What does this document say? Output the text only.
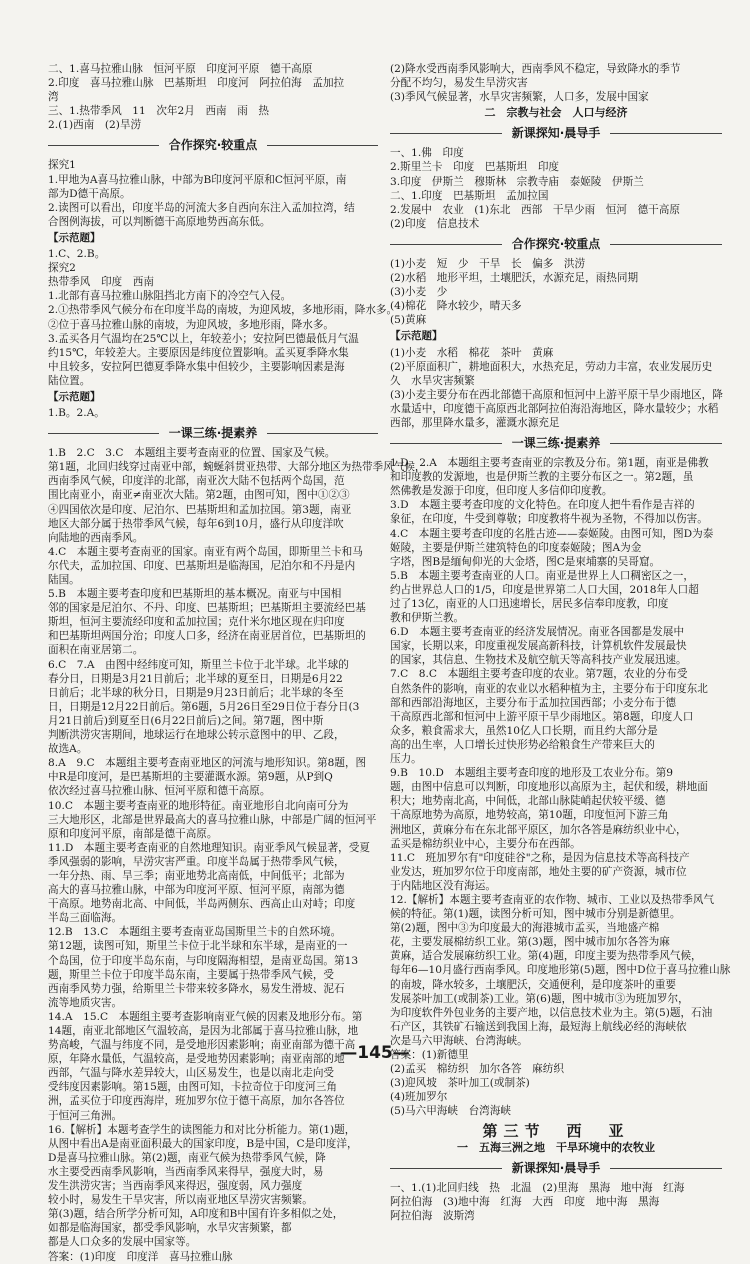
二、1.喜马拉雅山脉　恒河平原　印度河平原　德干高原
2.印度　喜马拉雅山脉　巴基斯坦　印度河　阿拉伯海　孟加拉
湾
三、1.热带季风　11　次年2月　西南　雨　热
2.(1)西南　(2)旱涝
合作探究·较重点
探究1
1.甲地为A喜马拉雅山脉，中部为B印度河平原和C恒河平原，南
部为D德干高原。
2.读图可以看出，印度半岛的河流大多自西向东注入孟加拉湾，结
合图例海拔，可以判断德干高原地势西高东低。
【示范题】
1.C、2.B。
探究2
热带季风　印度　西南
1.北部有喜马拉雅山脉阻挡北方南下的冷空气入侵。
2.①热带季风气候分布在印度半岛的南坡，为迎风坡，多地形雨，降水多。
②位于喜马拉雅山脉的南坡，为迎风坡，多地形雨，降水多。
3.孟买各月气温均在25℃以上，年较差小；安拉阿巴德最低月气温
约15℃，年较差大。主要原因是纬度位置影响。孟买夏季降水集
中且较多，安拉阿巴德夏季降水集中但较少，主要影响因素是海
陆位置。
【示范题】
1.B。2.A。
一课三练·提素养
1.B　2.C　3.C　本题组主要考查南亚的位置、国家及气候。
第1题，北回归线穿过南亚中部，蜿蜒斜贯亚热带、大部分地区为热带季风气候，
西南季风气候，印度洋的北部，南亚次大陆不包括两个岛国，范
围比南亚小，南亚≠南亚次大陆。第2题，由图可知，图中①②③
④四国依次是印度、尼泊尔、巴基斯坦和孟加拉国。第3题，南亚
地区大部分属于热带季风气候，每年6到10月，盛行从印度洋吹
向陆地的西南季风。
4.C　本题主要考查南亚的国家。南亚有两个岛国，即斯里兰卡和马
尔代夫，孟加拉国、印度、巴基斯坦是临海国，尼泊尔和不丹是内
陆国。
5.B　本题主要考查印度和巴基斯坦的基本概况。南亚与中国相
邻的国家是尼泊尔、不丹、印度、巴基斯坦；巴基斯坦主要流经巴基
斯坦，恒河主要流经印度和孟加拉国；克什米尔地区现在归印度
和巴基斯坦两国分治；印度人口多，经济在南亚居首位，巴基斯坦的
面积在南亚居第二。
6.C　7.A　由图中经纬度可知，斯里兰卡位于北半球。北半球的
春分日，日期是3月21日前后；北半球的夏至日，日期是6月22
日前后；北半球的秋分日，日期是9月23日前后；北半球的冬至
日，日期是12月22日前后。第6题，5月26日至29日位于春分日(3
月21日前后)到夏至日(6月22日前后)之间。第7题，图中斯
判断洪涝灾害期间，地球运行在地球公转示意图中的甲、乙段，
故选A。
8.A　9.C　本题组主要考查南亚地区的河流与地形知识。第8题，图
中R是印度河，是巴基斯坦的主要灌溉水源。第9题，从P到Q
依次经过喜马拉雅山脉、恒河平原和德干高原。
10.C　本题主要考查南亚的地形特征。南亚地形自北向南可分为
三大地形区，北部是世界最高大的喜马拉雅山脉，中部是广阔的恒河平
原和印度河平原，南部是德干高原。
11.D　本题主要考查南亚的自然地理知识。南亚季风气候显著，受夏
季风强弱的影响，早涝灾害严重。印度半岛属于热带季风气候，
一年分热、雨、旱三季；南亚地势北高南低，中间低平；北部为
高大的喜马拉雅山脉，中部为印度河平原、恒河平原，南部为德
干高原。地势南北高、中间低，半岛两侧东、西高止山对峙；印度
半岛三面临海。
12.B　13.C　本题组主要考查南亚岛国斯里兰卡的自然环境。
第12题，读图可知，斯里兰卡位于北半球和东半球，是南亚的一
个岛国，位于印度半岛东南，与印度隔海相望，是南亚岛国。第13
题，斯里兰卡位于印度半岛东南，主要属于热带季风气候，受
西南季风势力强，给斯里兰卡带来较多降水，易发生滑坡、泥石
流等地质灾害。
14.A　15.C　本题组主要考查影响南亚气候的因素及地形分布。第
14题，南亚北部地区气温较高，是因为北部属于喜马拉雅山脉，地
势高峻，气温与纬度不同，是受地形因素影响；南亚南部为德干高
原，年降水量低，气温较高，是受地势因素影响；南亚南部的地
西部，气温与降水差异较大，山区易发生，也是以南北走向受
受纬度因素影响。第15题，由图可知，卡拉奇位于印度河三角
洲，孟买位于印度西海岸，班加罗尔位于德干高原，加尔各答位
于恒河三角洲。
16.【解析】本题考查学生的读图能力和对比分析能力。第(1)题，
从图中看出A是南亚面积最大的国家印度，B是中国，C是印度洋，
D是喜马拉雅山脉。第(2)题，南亚气候为热带季风气候，降
水主要受西南季风影响，当西南季风来得早，强度大时，易
发生洪涝灾害；当西南季风来得迟，强度弱，风力强度
较小时，易发生干旱灾害，所以南亚地区旱涝灾害频繁。
第(3)题，结合所学分析可知，A印度和B中国有许多相似之处，
如都是临海国家，都受季风影响，水旱灾害频繁，都
都是人口众多的发展中国家等。
答案：(1)印度　印度洋　喜马拉雅山脉
(2)降水受西南季风影响大，西南季风不稳定，导致降水的季节
分配不均匀，易发生旱涝灾害
(3)季风气候显著，水旱灾害频繁，人口多，发展中国家
二　宗教与社会　人口与经济
新课探知·晨导手
一、1.佛　印度
2.斯里兰卡　印度　巴基斯坦　印度
3.印度　伊斯兰　穆斯林　宗教寺庙　泰姬陵　伊斯兰
二、1.印度　巴基斯坦　孟加拉国
2.发展中　农业　(1)东北　西部　干旱少雨　恒河　德干高原
(2)印度　信息技术
合作探究·较重点
(1)小麦　短　少　干旱　长　偏多　洪涝
(2)水稻　地形平坦，土壤肥沃，水源充足，雨热同期
(3)小麦　少
(4)棉花　降水较少，晴天多
(5)黄麻
【示范题】
(1)小麦　水稻　棉花　茶叶　黄麻
(2)平原面积广，耕地面积大，水热充足，劳动力丰富，农业发展历史
久　水旱灾害频繁
(3)小麦主要分布在西北部德干高原和恒河中上游平原干旱少雨地区，降
水量适中，印度德干高原西北部阿拉伯海沿海地区，降水量较少；水稻
西部，那里降水量多，灌溉水源充足
一课三练·提素养
1.D　2.A　本题组主要考查南亚的宗教及分布。第1题，南亚是佛教
和印度教的发源地，也是伊斯兰教的主要分布区之一。第2题，虽
然佛教是发源于印度，但印度人多信仰印度教。
3.D　本题主要考查印度的文化特色。在印度人把牛看作是吉祥的
象征，在印度，牛受到尊敬；印度教将牛视为圣物，不得加以伤害。
4.C　本题主要考查印度的名胜古迹——泰姬陵。由图可知，图D为泰
姬陵，主要是伊斯兰建筑特色的印度泰姬陵；图A为金
字塔，图B是缅甸仰光的大金塔，图C是柬埔寨的吴哥窟。
5.B　本题主要考查南亚的人口。南亚是世界上人口稠密区之一，
约占世界总人口的1/5，印度是世界第二人口大国，2018年人口超
过了13亿，南亚的人口迅速增长，居民多信奉印度教，印度
教和伊斯兰教。
6.D　本题主要考查南亚的经济发展情况。南亚各国都是发展中
国家，长期以来，印度重视发展高新科技，计算机软件发展最快
的国家，其信息、生物技术及航空航天等高科技产业发展迅速。
7.C　8.C　本题组主要考查印度的农业。第7题，农业的分布受
自然条件的影响，南亚的农业以水稻种植为主，主要分布于印度东北
部和西部沿海地区，主要分布于孟加拉国西部；小麦分布于德
干高原西北部和恒河中上游平原干旱少雨地区。第8题，印度人口
众多，粮食需求大，虽然10亿人口长期，而且约大部分是
高的出生率，人口增长过快形势必给粮食生产带来巨大的
压力。
9.B　10.D　本题组主要考查印度的地形及工农业分布。第9
题，由图中信息可以判断，印度地形以高原为主，起伏和缓，耕地面
积大；地势南北高，中间低，北部山脉陡峭起伏较平缓、德
干高原地势为高原，地势较高，第10题，印度恒河下游三角
洲地区，黄麻分布在东北部平原区，加尔各答是麻纺织业中心，
孟买是棉纺织业中心，主要分布在西部。
11.C　班加罗尔有"印度硅谷"之称，是因为信息技术等高科技产
业发达，班加罗尔位于印度南部，地处主要的矿产资源，城市位
于内陆地区没有海运。
12.【解析】本题主要考查南亚的农作物、城市、工业以及热带季风气
候的特征。第(1)题，读图分析可知，图中城市分别是新德里。
第(2)题，图中③为印度最大的海港城市孟买，当地盛产棉
花，主要发展棉纺织工业。第(3)题，图中城市加尔各答为麻
黄麻，适合发展麻纺织工业。第(4)题，印度主要为热带季风气候，
每年6—10月盛行西南季风。印度地形第(5)题，图中D位于喜马拉雅山脉
的南坡，降水较多，土壤肥沃，交通便利，是印度茶叶的重要
发展茶叶加工(或制茶)工业。第(6)题，图中城市③为班加罗尔，
为印度软件外包业务的主要产地，以信息技术业为主。第(5)题，石油
石产区，其铁矿石输送到我国上海，最短海上航线必经的海峡依
次是马六甲海峡、台湾海峡。
答案：(1)新德里
(2)孟买　棉纺织　加尔各答　麻纺织
(3)迎风坡　茶叶加工(或制茶)
(4)班加罗尔
(5)马六甲海峡　台湾海峡
第三节　西　亚
一　五海三洲之地　干旱环境中的农牧业
新课探知·晨导手
一、1.(1)北回归线　热　北温　(2)里海　黑海　地中海　红海
阿拉伯海　(3)地中海　红海　大西　印度　地中海　黑海
阿拉伯海　波斯湾
—145—
